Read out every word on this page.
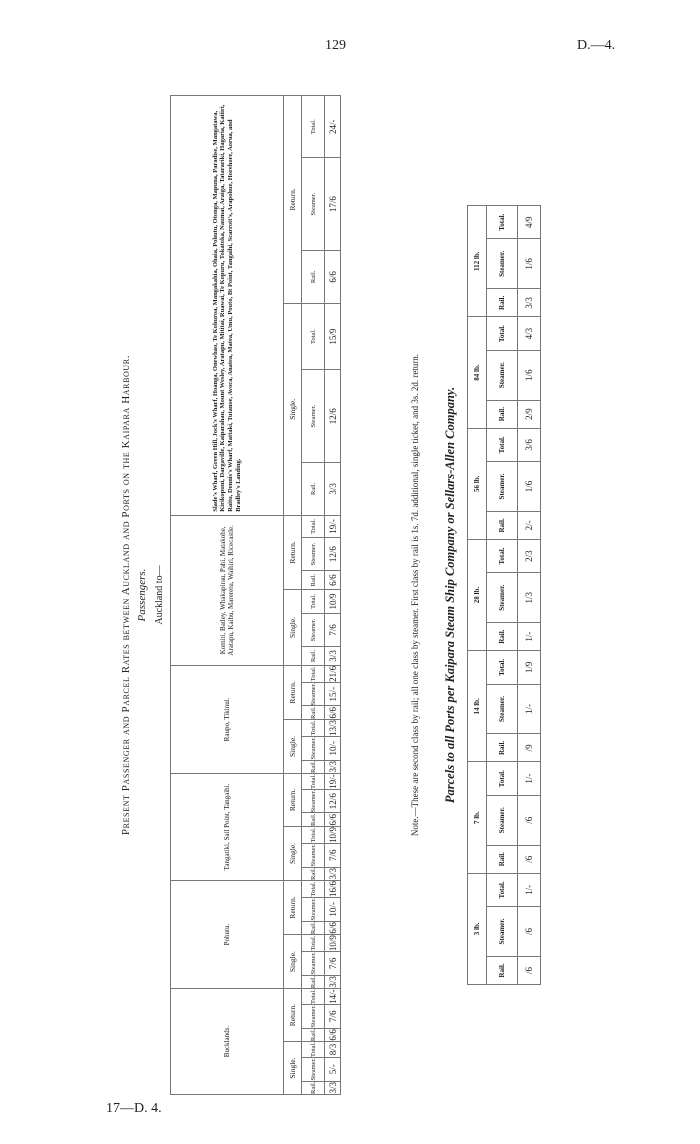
129	D.—4.
Present Passenger and Parcel Rates between Auckland and Ports on the Kaipara Harbour. Passengers. Auckland to—
Bucklands.						Pohutu.						Tangatiki, Sail Point, Tangaihi.						Raupo, Tikinui.						Komiti, Batley, Whakapirau, Pahi, Matakohe, Aratapu, Kaihu, Mareretu, Waihiri, Ricecastle.						Slade's Wharf, Green Hill, Jock's Wharf, Hoanga, Onewhao, Te Kohuroa, Mangakahia, Ohaia, Pohutu, Otonga, Mapuna, Paradise, Mangatawa, Kirikopuni, Dargaville, Kaiparahau, Mount Wesley, Aratapu, Mititai, Ruawai, Te Kopuru, Tokatoka, Naumai, Araiga, Tatarariki, Hagaria, Kaiiiri, Raitu, Dennis's Wharf, Mattaki, Tutanoe, Avoca, Anatea, Matea, Umu, Pouto, Bt Point, Tangaihi, Scarrott's, Arapohue, Horehore, Aorua, and Bradley's Landing.					
Single.			Return.			Single.			Return.			Single.			Return.			Single.			Return.			Single.			Return.			Single.			Return.		
Rail.	Steamer.	Total.	Rail.	Steamer.	Total.	Rail.	Steamer.	Total.	Rail.	Steamer.	Total.	Rail.	Steamer.	Total.	Rail.	Steamer.	Total.	Rail.	Steamer.	Total.	Rail.	Steamer.	Total.	Rail.	Steamer.	Total.	Rail.	Steamer.	Total.	Rail.	Steamer.	Total.	Rail.	Steamer.	Total.
3/3	5/-	8/3	6/6	7/6	14/-	3/3	7/6	10/9	6/6	10/-	16/6	3/3	7/6	10/9	6/6	12/6	19/-	3/3	10/-	13/3	6/6	15/-	21/6	3/3	7/6	10/9	6/6	12/6	19/-	3/3	12/6	15/9	6/6	17/6	24/-
Note.—These are second class by rail; all one class by steamer. First class by rail is 1s. 7d. additional, single ticket, and 3s. 2d. return. Parcels to all Ports per Kaipara Steam Ship Company or Sellars-Allen Company.
3 lb.			7 lb.			14 lb.			28 lb.			56 lb.			84 lb.			112 lb.		
Rail.	Steamer.	Total.	Rail.	Steamer.	Total.	Rail.	Steamer.	Total.	Rail.	Steamer.	Total.	Rail.	Steamer.	Total.	Rail.	Steamer.	Total.	Rail.	Steamer.	Total.
/6	/6	1/-	/6	/6	1/-	/9	1/-	1/9	1/-	1/3	2/3	2/-	1/6	3/6	2/9	1/6	4/3	3/3	1/6	4/9
17—D. 4.
